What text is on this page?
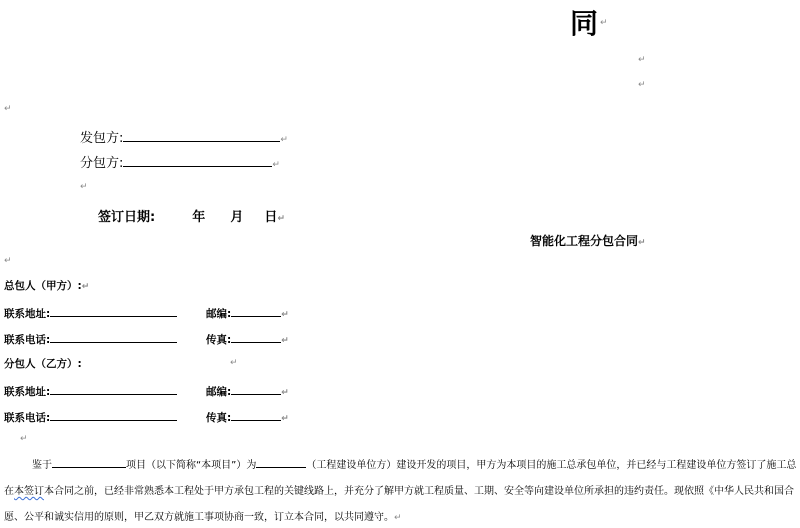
同 ↵
↵
↵
↵
发包方:	↵
分包方:	↵
↵
签订日期:	年 月 日↵
智能化工程分包合同↵
↵
总包人（甲方）:↵
联系地址:	邮编:	↵
联系电话:	传真:	↵
分包人（乙方）:	↵
联系地址:	邮编:	↵
联系电话:	传真:	↵
↵
鉴于	项目（以下简称“本项目”）为	（工程建设单位方）建设开发的项目，甲方为本项目的施工总承包单位，并已经与工程建设单位方签订了施工总
在本签订本合同之前，已经非常熟悉本工程处于甲方承包工程的关键线路上，并充分了解甲方就工程质量、工期、安全等向建设单位所承担的违约责任。现依照《中华人民共和国合
愿、公平和诚实信用的原则，甲乙双方就施工事项协商一致，订立本合同，以共同遵守。↵
